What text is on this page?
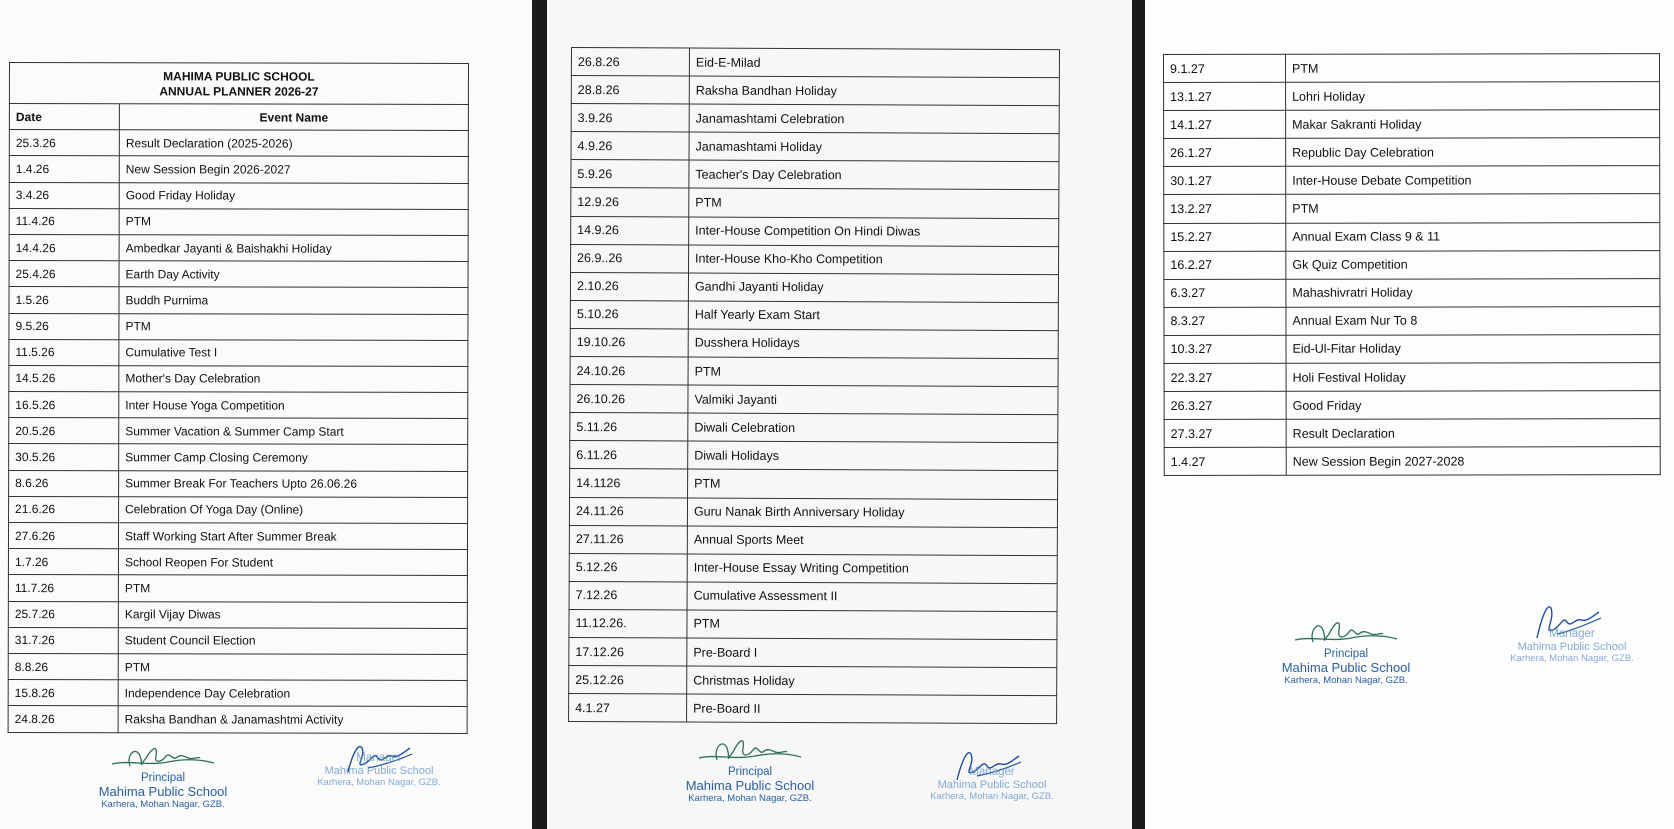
MAHIMA PUBLIC SCHOOL
ANNUAL PLANNER 2026-27	
Date	Event Name
25.3.26	Result Declaration (2025-2026)
1.4.26	New Session Begin 2026-2027
3.4.26	Good Friday Holiday
11.4.26	PTM
14.4.26	Ambedkar Jayanti & Baishakhi Holiday
25.4.26	Earth Day Activity
1.5.26	Buddh Purnima
9.5.26	PTM
11.5.26	Cumulative Test I
14.5.26	Mother's Day Celebration
16.5.26	Inter House Yoga Competition
20.5.26	Summer Vacation & Summer Camp Start
30.5.26	Summer Camp Closing Ceremony
8.6.26	Summer Break For Teachers Upto 26.06.26
21.6.26	Celebration Of Yoga Day (Online)
27.6.26	Staff Working Start After Summer Break
1.7.26	School Reopen For Student
11.7.26	PTM
25.7.26	Kargil Vijay Diwas
31.7.26	Student Council Election
8.8.26	PTM
15.8.26	Independence Day Celebration
24.8.26	Raksha Bandhan & Janamashtmi Activity
Principal
Mahima Public School
Karhera, Mohan Nagar, GZB.
Manager
Mahima Public School
Karhera, Mohan Nagar, GZB.
26.8.26	Eid-E-Milad
28.8.26	Raksha Bandhan Holiday
3.9.26	Janamashtami Celebration
4.9.26	Janamashtami Holiday
5.9.26	Teacher's Day Celebration
12.9.26	PTM
14.9.26	Inter-House Competition On Hindi Diwas
26.9..26	Inter-House Kho-Kho Competition
2.10.26	Gandhi Jayanti Holiday
5.10.26	Half Yearly Exam Start
19.10.26	Dusshera Holidays
24.10.26	PTM
26.10.26	Valmiki Jayanti
5.11.26	Diwali Celebration
6.11.26	Diwali Holidays
14.1126	PTM
24.11.26	Guru Nanak Birth Anniversary Holiday
27.11.26	Annual Sports Meet
5.12.26	Inter-House Essay Writing Competition
7.12.26	Cumulative Assessment II
11.12.26.	PTM
17.12.26	Pre-Board I
25.12.26	Christmas Holiday
4.1.27	Pre-Board II
Principal
Mahima Public School
Karhera, Mohan Nagar, GZB.
Manager
Mahima Public School
Karhera, Mohan Nagar, GZB.
9.1.27	PTM
13.1.27	Lohri Holiday
14.1.27	Makar Sakranti Holiday
26.1.27	Republic Day Celebration
30.1.27	Inter-House Debate Competition
13.2.27	PTM
15.2.27	Annual Exam Class 9 & 11
16.2.27	Gk Quiz Competition
6.3.27	Mahashivratri Holiday
8.3.27	Annual Exam Nur To 8
10.3.27	Eid-Ul-Fitar Holiday
22.3.27	Holi Festival Holiday
26.3.27	Good Friday
27.3.27	Result Declaration
1.4.27	New Session Begin 2027-2028
Principal
Mahima Public School
Karhera, Mohan Nagar, GZB.
Manager
Mahima Public School
Karhera, Mohan Nagar, GZB.
